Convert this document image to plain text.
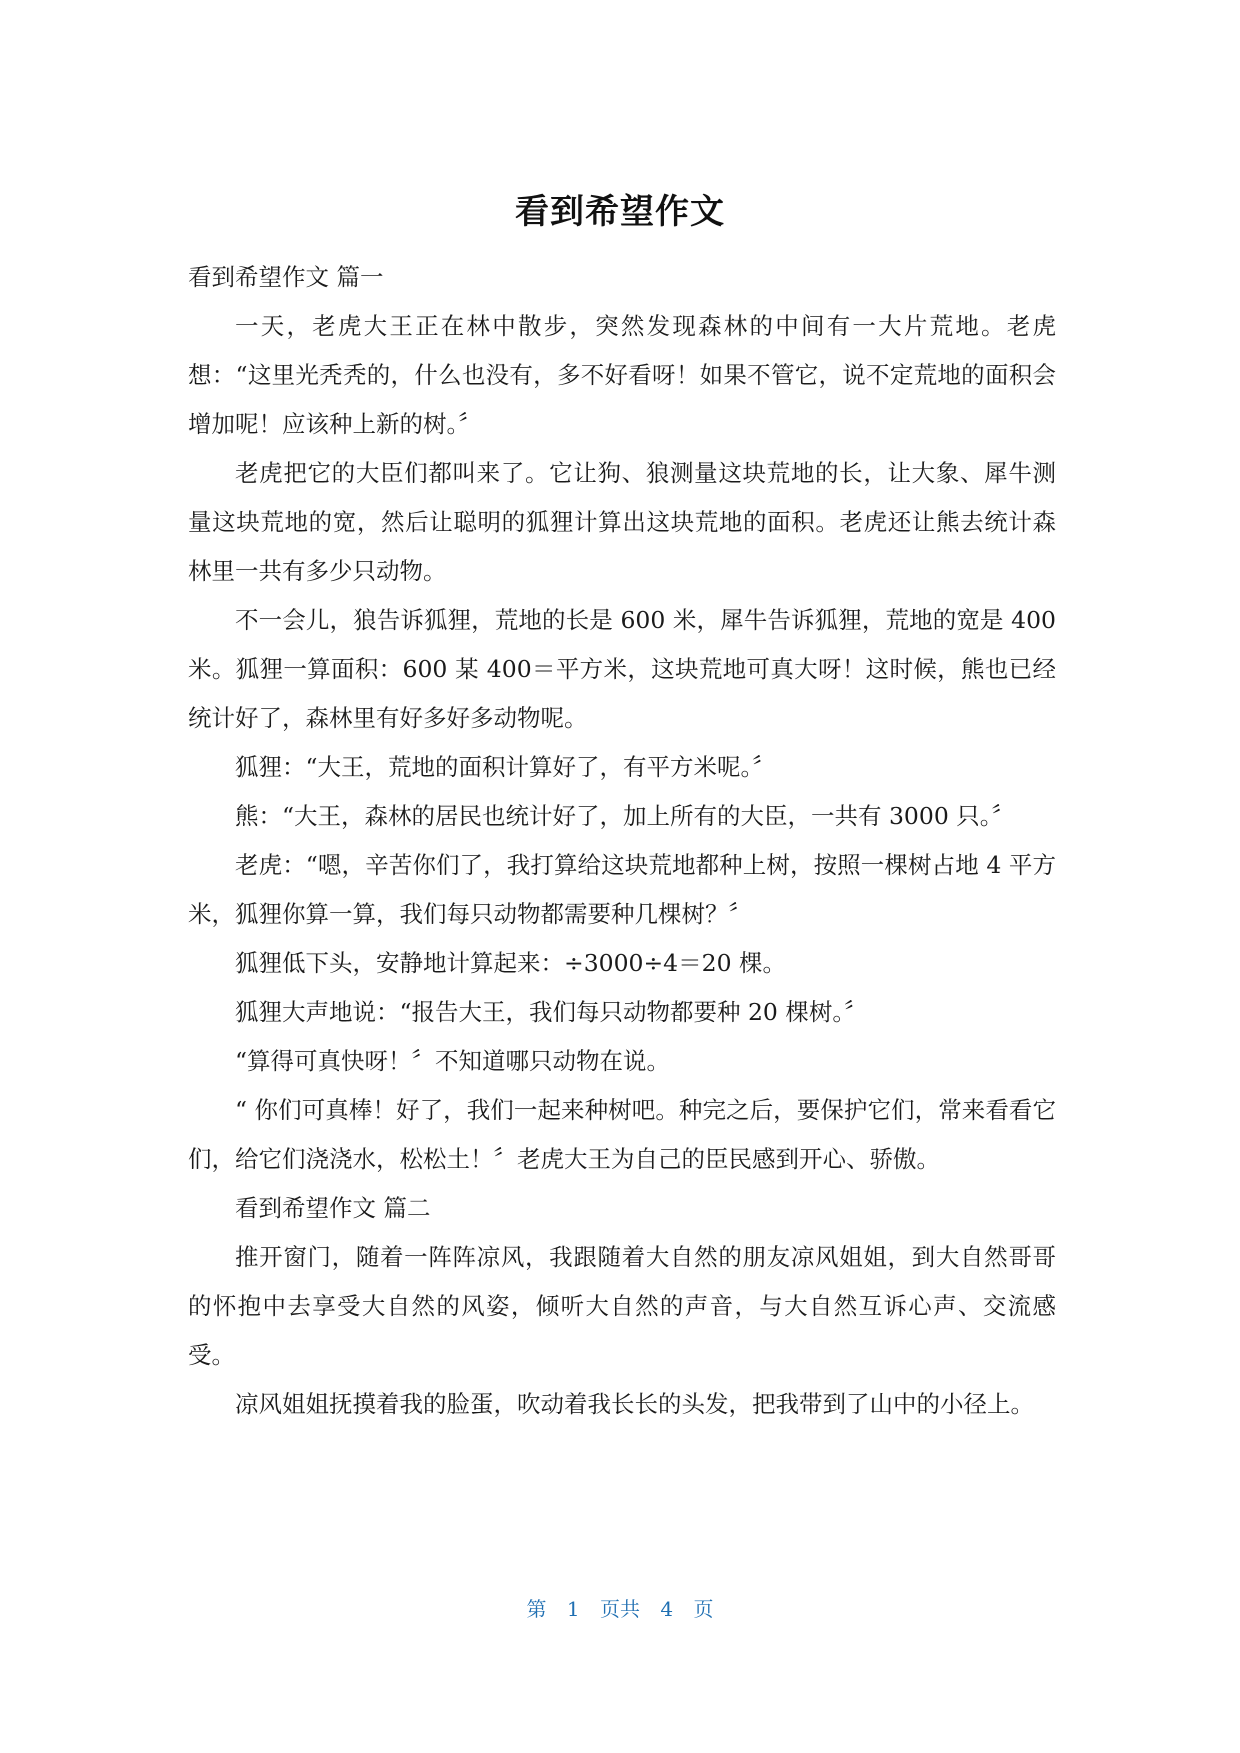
看到希望作文

看到希望作文 篇一

一天，老虎大王正在林中散步，突然发现森林的中间有一大片荒地。老虎想：“这里光秃秃的，什么也没有，多不好看呀！如果不管它，说不定荒地的面积会增加呢！应该种上新的树。〞

老虎把它的大臣们都叫来了。它让狗、狼测量这块荒地的长，让大象、犀牛测量这块荒地的宽，然后让聪明的狐狸计算出这块荒地的面积。老虎还让熊去统计森林里一共有多少只动物。

不一会儿，狼告诉狐狸，荒地的长是 600 米，犀牛告诉狐狸，荒地的宽是 400 米。狐狸一算面积：600 某 400＝平方米，这块荒地可真大呀！这时候，熊也已经统计好了，森林里有好多好多动物呢。

狐狸：“大王，荒地的面积计算好了，有平方米呢。〞

熊：“大王，森林的居民也统计好了，加上所有的大臣，一共有 3000 只。〞

老虎：“嗯，辛苦你们了，我打算给这块荒地都种上树，按照一棵树占地 4 平方米，狐狸你算一算，我们每只动物都需要种几棵树？〞

狐狸低下头，安静地计算起来：÷3000÷4＝20 棵。

狐狸大声地说：“报告大王，我们每只动物都要种 20 棵树。〞

“算得可真快呀！〞不知道哪只动物在说。

“ 你们可真棒！好了，我们一起来种树吧。种完之后，要保护它们，常来看看它们，给它们浇浇水，松松土！〞老虎大王为自己的臣民感到开心、骄傲。

看到希望作文 篇二

推开窗门，随着一阵阵凉风，我跟随着大自然的朋友凉风姐姐，到大自然哥哥的怀抱中去享受大自然的风姿，倾听大自然的声音，与大自然互诉心声、交流感受。

凉风姐姐抚摸着我的脸蛋，吹动着我长长的头发，把我带到了山中的小径上。

第 1 页共 4 页
